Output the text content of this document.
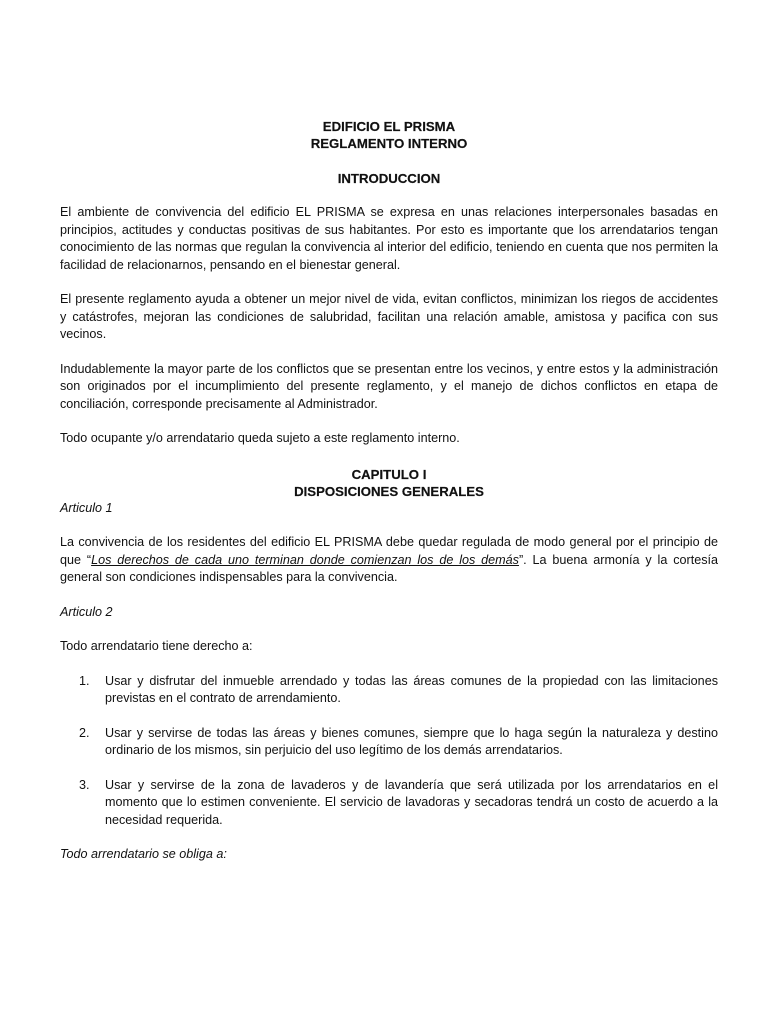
EDIFICIO EL PRISMA
REGLAMENTO INTERNO
INTRODUCCION

El ambiente de convivencia del edificio EL PRISMA se expresa en unas relaciones interpersonales basadas en principios, actitudes y conductas positivas de sus habitantes. Por esto es importante que los arrendatarios tengan conocimiento de las normas que regulan la convivencia al interior del edificio, teniendo en cuenta que nos permiten la facilidad de relacionarnos, pensando en el bienestar general.

El presente reglamento ayuda a obtener un mejor nivel de vida, evitan conflictos, minimizan los riegos de accidentes y catástrofes, mejoran las condiciones de salubridad, facilitan una relación amable, amistosa y pacifica con sus vecinos.

Indudablemente la mayor parte de los conflictos que se presentan entre los vecinos, y entre estos y la administración son originados por el incumplimiento del presente reglamento, y el manejo de dichos conflictos en etapa de conciliación, corresponde precisamente al Administrador.

Todo ocupante y/o arrendatario queda sujeto a este reglamento interno.

CAPITULO I
DISPOSICIONES GENERALES

Articulo 1

La convivencia de los residentes del edificio EL PRISMA debe quedar regulada de modo general por el principio de que “Los derechos de cada uno terminan donde comienzan los de los demás”. La buena armonía y la cortesía general son condiciones indispensables para la convivencia.

Articulo 2

Todo arrendatario tiene derecho a:

1. Usar y disfrutar del inmueble arrendado y todas las áreas comunes de la propiedad con las limitaciones previstas en el contrato de arrendamiento.
2. Usar y servirse de todas las áreas y bienes comunes, siempre que lo haga según la naturaleza y destino ordinario de los mismos, sin perjuicio del uso legítimo de los demás arrendatarios.
3. Usar y servirse de la zona de lavaderos y de lavandería que será utilizada por los arrendatarios en el momento que lo estimen conveniente. El servicio de lavadoras y secadoras tendrá un costo de acuerdo a la necesidad requerida.

Todo arrendatario se obliga a:
